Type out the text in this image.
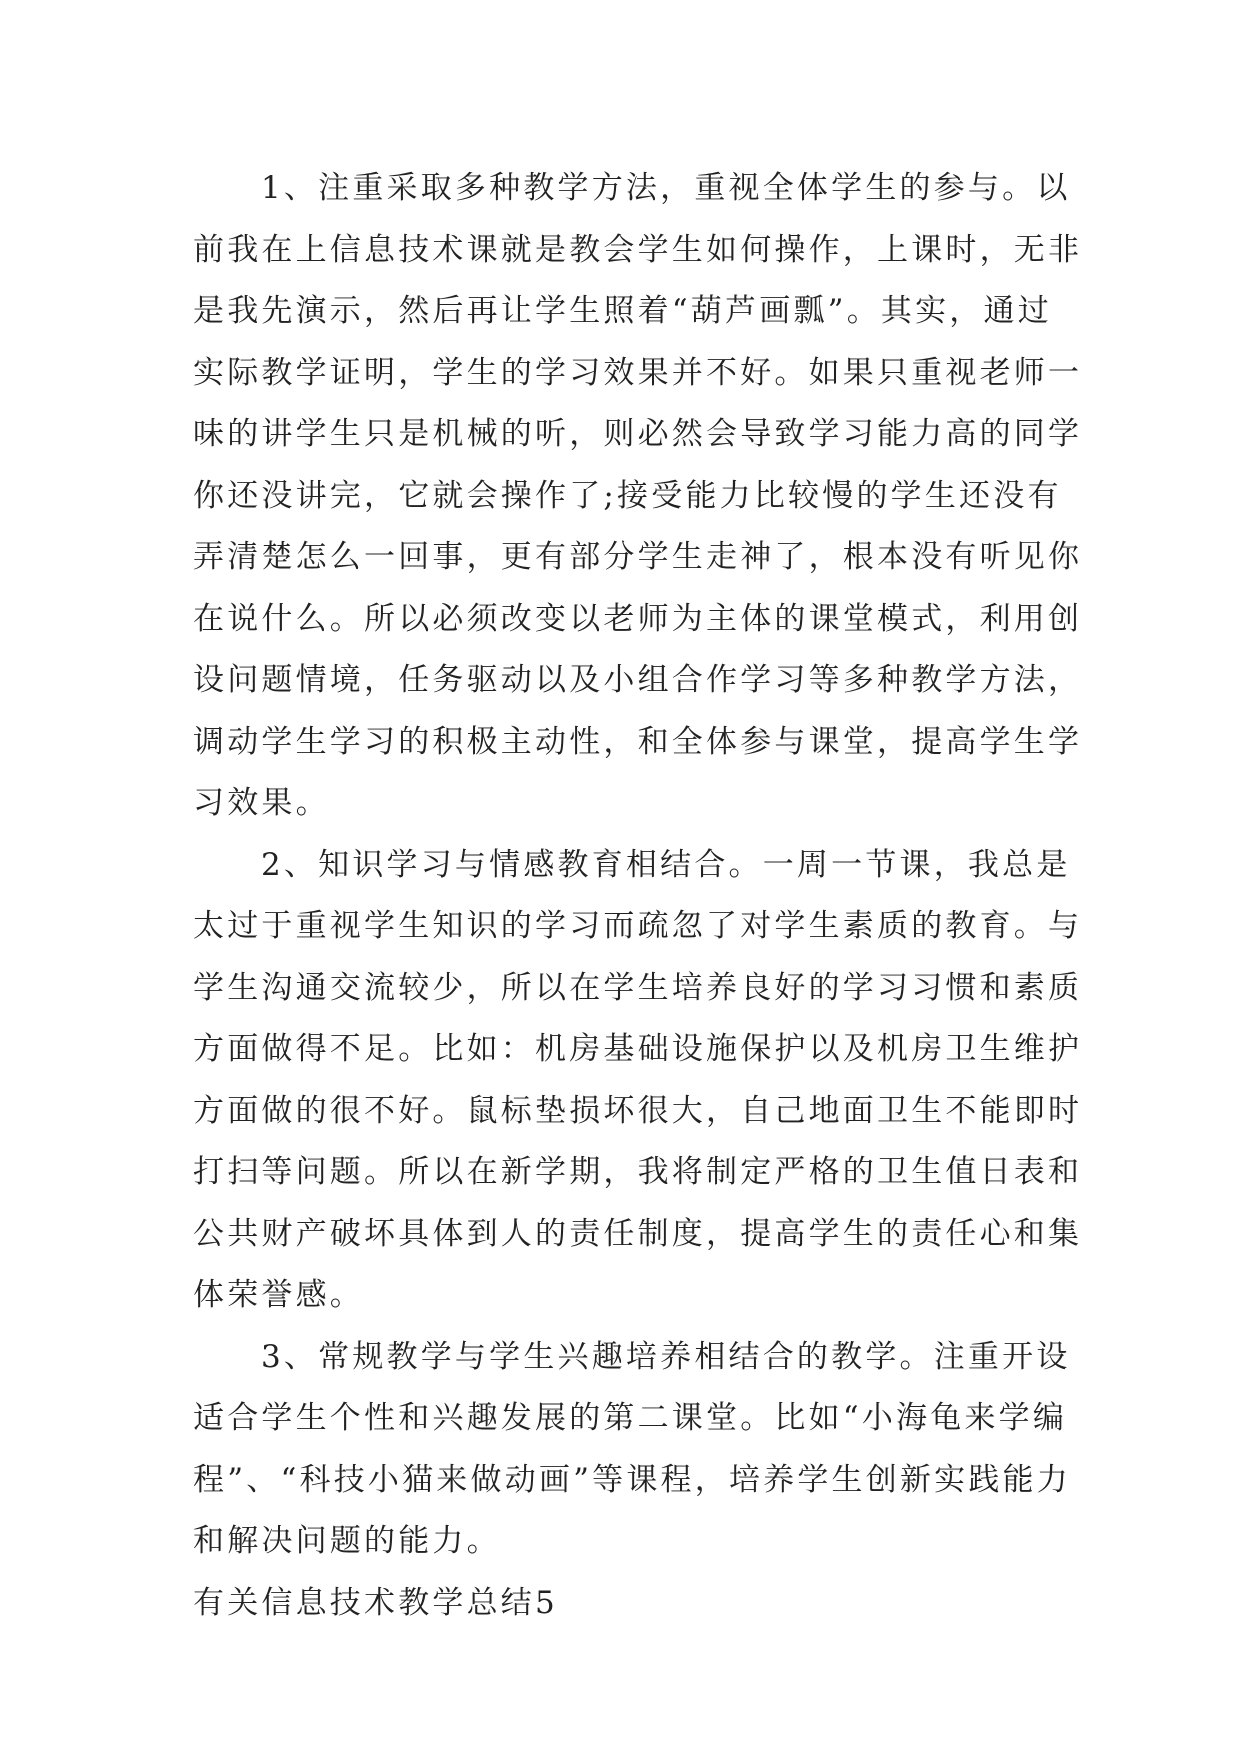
1、注重采取多种教学方法，重视全体学生的参与。以
前我在上信息技术课就是教会学生如何操作，上课时，无非
是我先演示，然后再让学生照着“葫芦画瓢”。其实，通过
实际教学证明，学生的学习效果并不好。如果只重视老师一
味的讲学生只是机械的听，则必然会导致学习能力高的同学
你还没讲完，它就会操作了;接受能力比较慢的学生还没有
弄清楚怎么一回事，更有部分学生走神了，根本没有听见你
在说什么。所以必须改变以老师为主体的课堂模式，利用创
设问题情境，任务驱动以及小组合作学习等多种教学方法，
调动学生学习的积极主动性，和全体参与课堂，提高学生学
习效果。
2、知识学习与情感教育相结合。一周一节课，我总是
太过于重视学生知识的学习而疏忽了对学生素质的教育。与
学生沟通交流较少，所以在学生培养良好的学习习惯和素质
方面做得不足。比如：机房基础设施保护以及机房卫生维护
方面做的很不好。鼠标垫损坏很大，自己地面卫生不能即时
打扫等问题。所以在新学期，我将制定严格的卫生值日表和
公共财产破坏具体到人的责任制度，提高学生的责任心和集
体荣誉感。
3、常规教学与学生兴趣培养相结合的教学。注重开设
适合学生个性和兴趣发展的第二课堂。比如“小海龟来学编
程”、“科技小猫来做动画”等课程，培养学生创新实践能力
和解决问题的能力。
有关信息技术教学总结5
